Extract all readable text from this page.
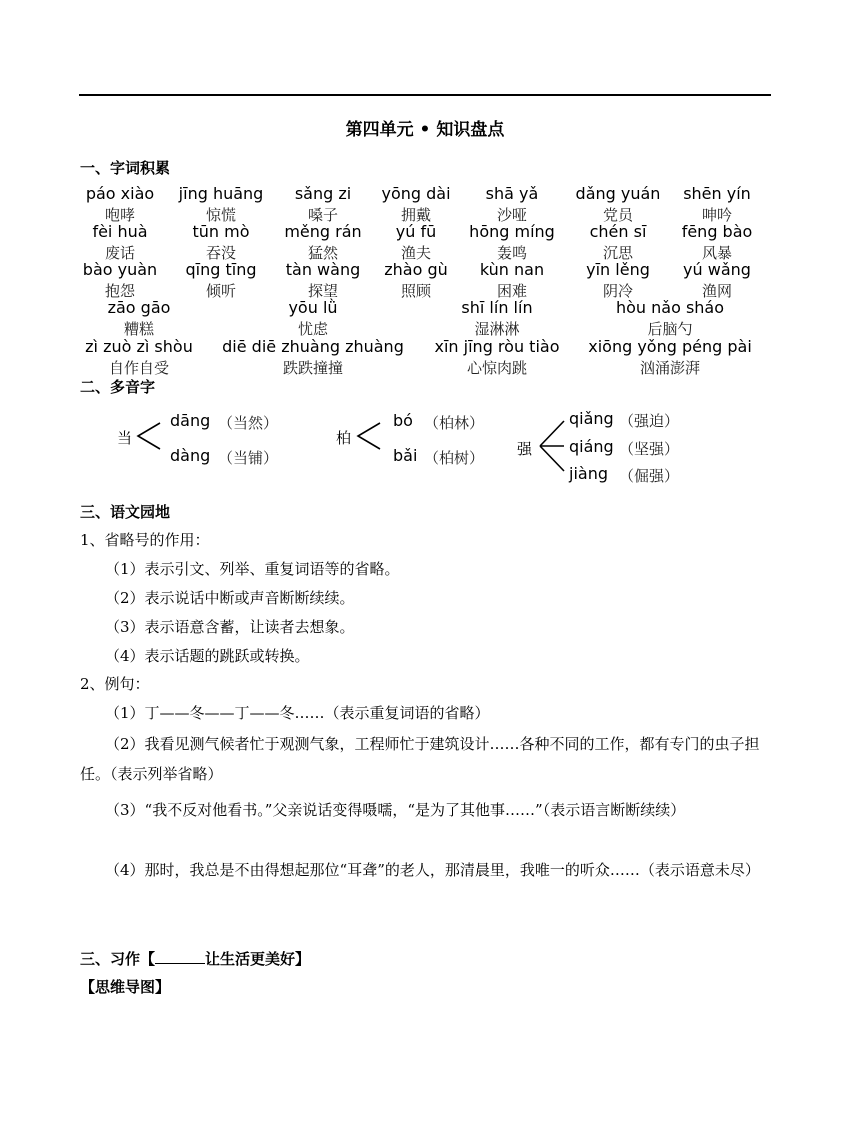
第四单元 • 知识盘点
一、字词积累
páo xiào
咆哮
jīng huāng
惊慌
sǎng zi
嗓子
yōng dài
拥戴
shā yǎ
沙哑
dǎng yuán
党员
shēn yín
呻吟
fèi huà
废话
tūn mò
吞没
měng rán
猛然
yú fū
渔夫
hōng míng
轰鸣
chén sī
沉思
fēng bào
风暴
bào yuàn
抱怨
qīng tīng
倾听
tàn wàng
探望
zhào gù
照顾
kùn nan
困难
yīn lěng
阴冷
yú wǎng
渔网
zāo gāo
糟糕
yōu lǜ
忧虑
shī lín lín
湿淋淋
hòu nǎo sháo
后脑勺
zì zuò zì shòu
自作自受
diē diē zhuàng zhuàng
跌跌撞撞
xīn jīng ròu tiào
心惊肉跳
xiōng yǒng péng pài
汹涌澎湃
二、多音字
当
dāng （当然）
dàng （当铺）
柏
bó （柏林）
bǎi （柏树） 强
qiǎng （强迫）
qiáng （坚强）
jiàng （倔强）
三、语文园地
1、省略号的作用：
（1）表示引文、列举、重复词语等的省略。
（2）表示说话中断或声音断断续续。
（3）表示语意含蓄，让读者去想象。
（4）表示话题的跳跃或转换。
2、例句：
（1）丁——冬——丁——冬……（表示重复词语的省略）
（2）我看见测气候者忙于观测气象，工程师忙于建筑设计……各种不同的工作，都有专门的虫子担任。（表示列举省略）
（3）“我不反对他看书。”父亲说话变得嗫嚅，“是为了其他事……”（表示语言断断续续）
（4）那时，我总是不由得想起那位“耳聋”的老人，那清晨里，我唯一的听众……（表示语意未尽）
三、习作【	让生活更美好】
【思维导图】
